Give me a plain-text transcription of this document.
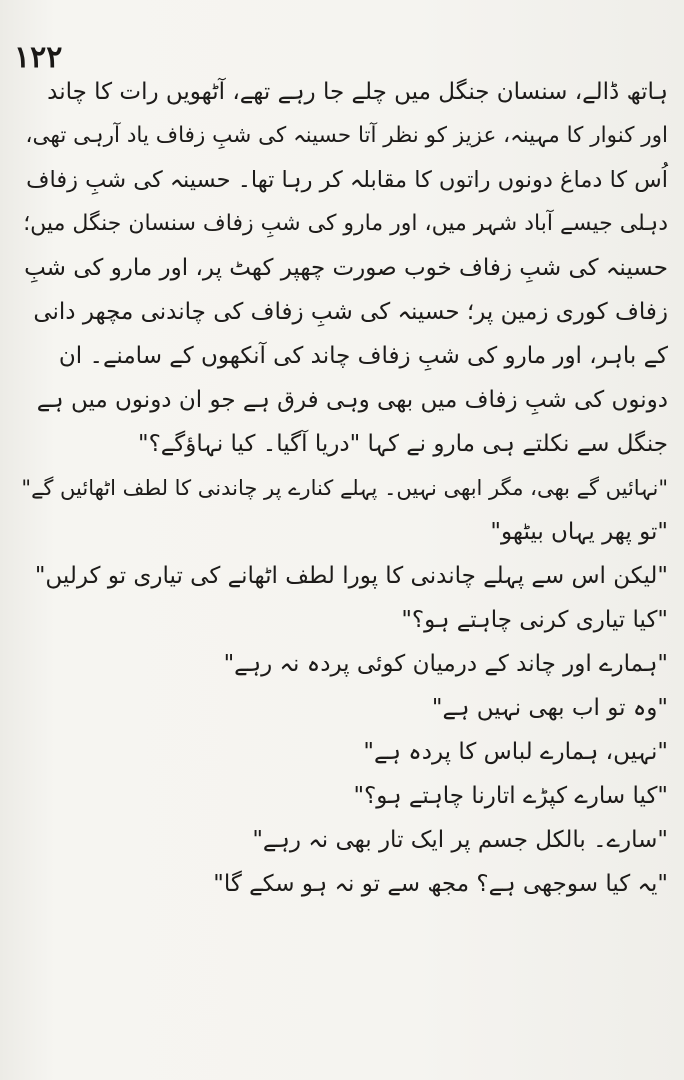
۱۲۲
ہاتھ ڈالے، سنسان جنگل میں چلے جا رہے تھے، آٹھویں رات کا چاند
اور کنوار کا مہینہ، عزیز کو نظر آتا حسینہ کی شبِ زفاف یاد آرہی تھی،
اُس کا دماغ دونوں راتوں کا مقابلہ کر رہا تھا۔ حسینہ کی شبِ زفاف
دہلی جیسے آباد شہر میں، اور مارو کی شبِ زفاف سنسان جنگل میں؛
حسینہ کی شبِ زفاف خوب صورت چھپر کھٹ پر، اور مارو کی شبِ
زفاف کوری زمین پر؛ حسینہ کی شبِ زفاف کی چاندنی مچھر دانی
کے باہر، اور مارو کی شبِ زفاف چاند کی آنکھوں کے سامنے۔ ان
دونوں کی شبِ زفاف میں بھی وہی فرق ہے جو ان دونوں میں ہے
جنگل سے نکلتے ہی مارو نے کہا "دریا آگیا۔ کیا نہاؤگے؟"
"نہائیں گے بھی، مگر ابھی نہیں۔ پہلے کنارے پر چاندنی کا لطف اٹھائیں گے"
"تو پھر یہاں بیٹھو"
"لیکن اس سے پہلے چاندنی کا پورا لطف اٹھانے کی تیاری تو کرلیں"
"کیا تیاری کرنی چاہتے ہو؟"
"ہمارے اور چاند کے درمیان کوئی پردہ نہ رہے"
"وہ تو اب بھی نہیں ہے"
"نہیں، ہمارے لباس کا پردہ ہے"
"کیا سارے کپڑے اتارنا چاہتے ہو؟"
"سارے۔ بالکل جسم پر ایک تار بھی نہ رہے"
"یہ کیا سوجھی ہے؟ مجھ سے تو نہ ہو سکے گا"
